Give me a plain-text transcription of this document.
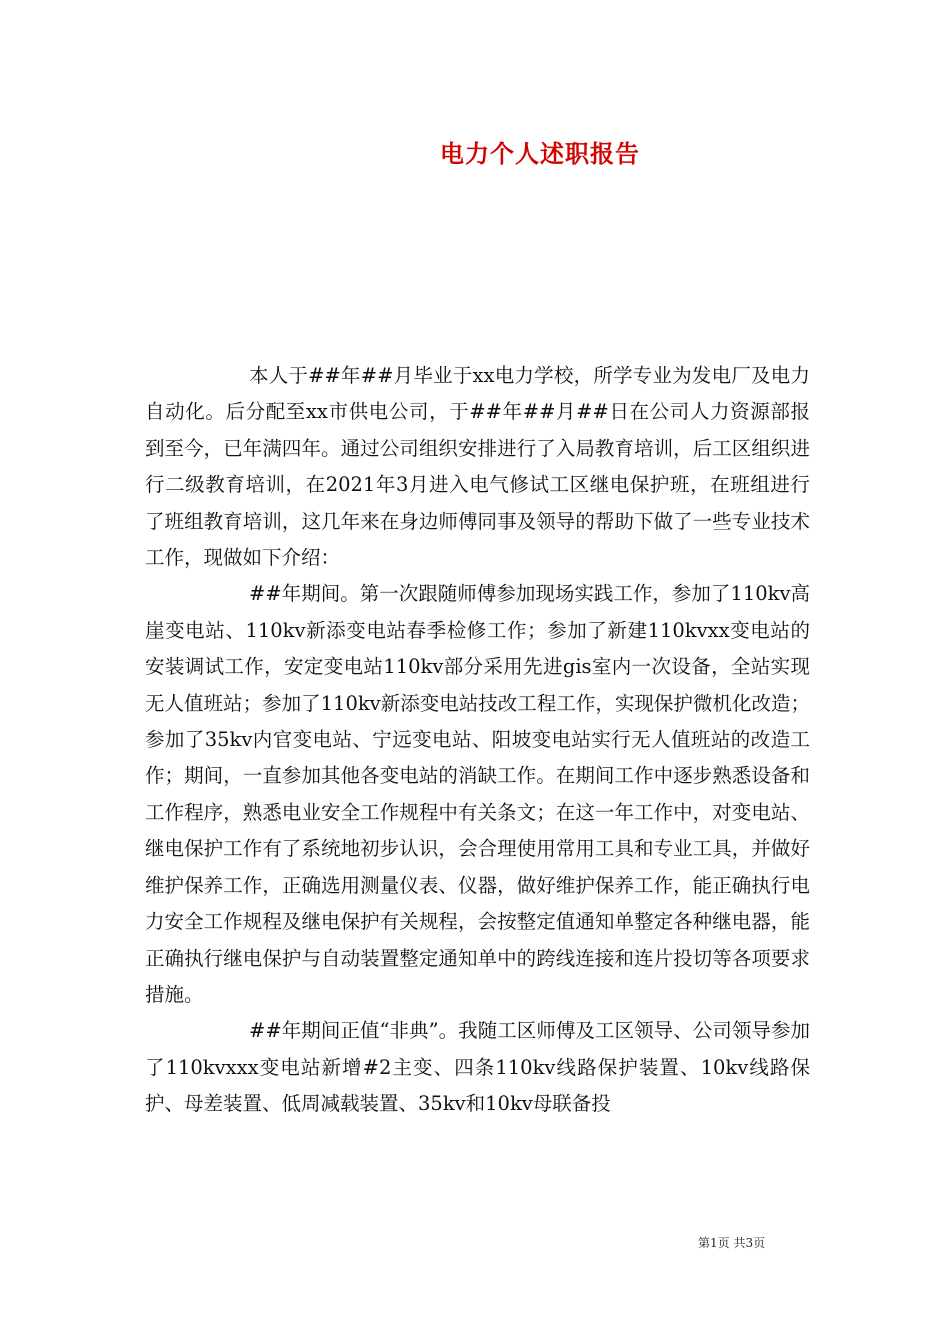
电力个人述职报告

本人于##年##月毕业于xx电力学校，所学专业为发电厂及电力自动化。后分配至xx市供电公司，于##年##月##日在公司人力资源部报到至今，已年满四年。通过公司组织安排进行了入局教育培训，后工区组织进行二级教育培训，在2021年3月进入电气修试工区继电保护班，在班组进行了班组教育培训，这几年来在身边师傅同事及领导的帮助下做了一些专业技术工作，现做如下介绍：

##年期间。第一次跟随师傅参加现场实践工作，参加了110kv高崖变电站、110kv新添变电站春季检修工作；参加了新建110kvxx变电站的安装调试工作，安定变电站110kv部分采用先进gis室内一次设备，全站实现无人值班站；参加了110kv新添变电站技改工程工作，实现保护微机化改造；参加了35kv内官变电站、宁远变电站、阳坡变电站实行无人值班站的改造工作；期间，一直参加其他各变电站的消缺工作。在期间工作中逐步熟悉设备和工作程序，熟悉电业安全工作规程中有关条文；在这一年工作中，对变电站、继电保护工作有了系统地初步认识，会合理使用常用工具和专业工具，并做好维护保养工作，正确选用测量仪表、仪器，做好维护保养工作，能正确执行电力安全工作规程及继电保护有关规程，会按整定值通知单整定各种继电器，能正确执行继电保护与自动装置整定通知单中的跨线连接和连片投切等各项要求措施。

##年期间正值“非典”。我随工区师傅及工区领导、公司领导参加了110kvxxx变电站新增#2主变、四条110kv线路保护装置、10kv线路保护、母差装置、低周减载装置、35kv和10kv母联备投

第1页 共3页
